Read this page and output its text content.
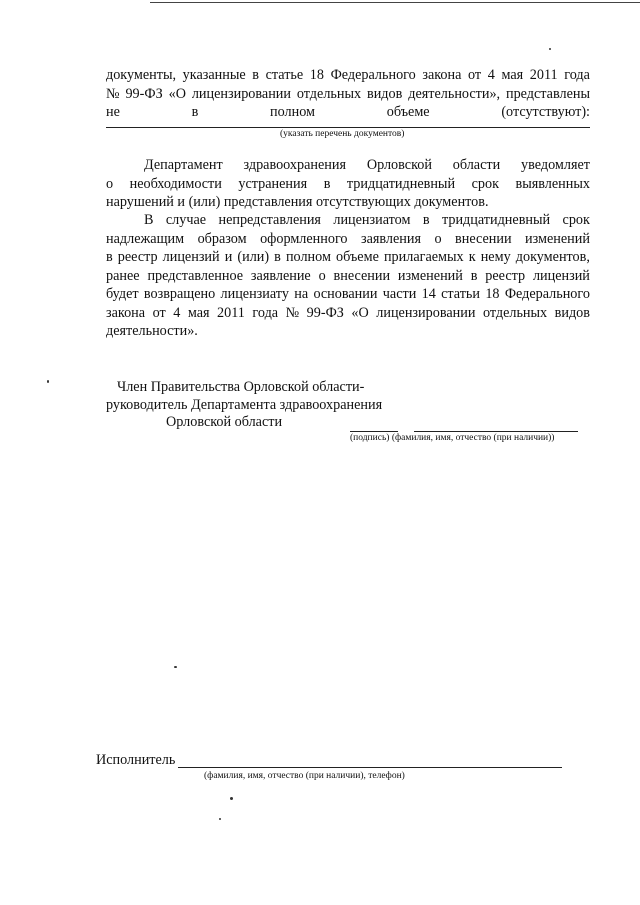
документы, указанные в статье 18 Федерального закона от 4 мая 2011 года
№ 99-ФЗ «О лицензировании отдельных видов деятельности», представлены
не	в	полном	объеме	(отсутствуют):
(указать перечень документов)
Департамент здравоохранения Орловской области уведомляет
о необходимости устранения в тридцатидневный срок выявленных
нарушений и (или) представления отсутствующих документов.
В случае непредставления лицензиатом в тридцатидневный срок
надлежащим образом оформленного заявления о внесении изменений
в реестр лицензий и (или) в полном объеме прилагаемых к нему документов,
ранее представленное заявление о внесении изменений в реестр лицензий
будет возвращено лицензиату на основании части 14 статьи 18 Федерального
закона от 4 мая 2011 года № 99-ФЗ «О лицензировании отдельных видов
деятельности».
Член Правительства Орловской области-
руководитель Департамента здравоохранения
Орловской области
(подпись) (фамилия, имя, отчество (при наличии))
Исполнитель
(фамилия, имя, отчество (при наличии), телефон)
